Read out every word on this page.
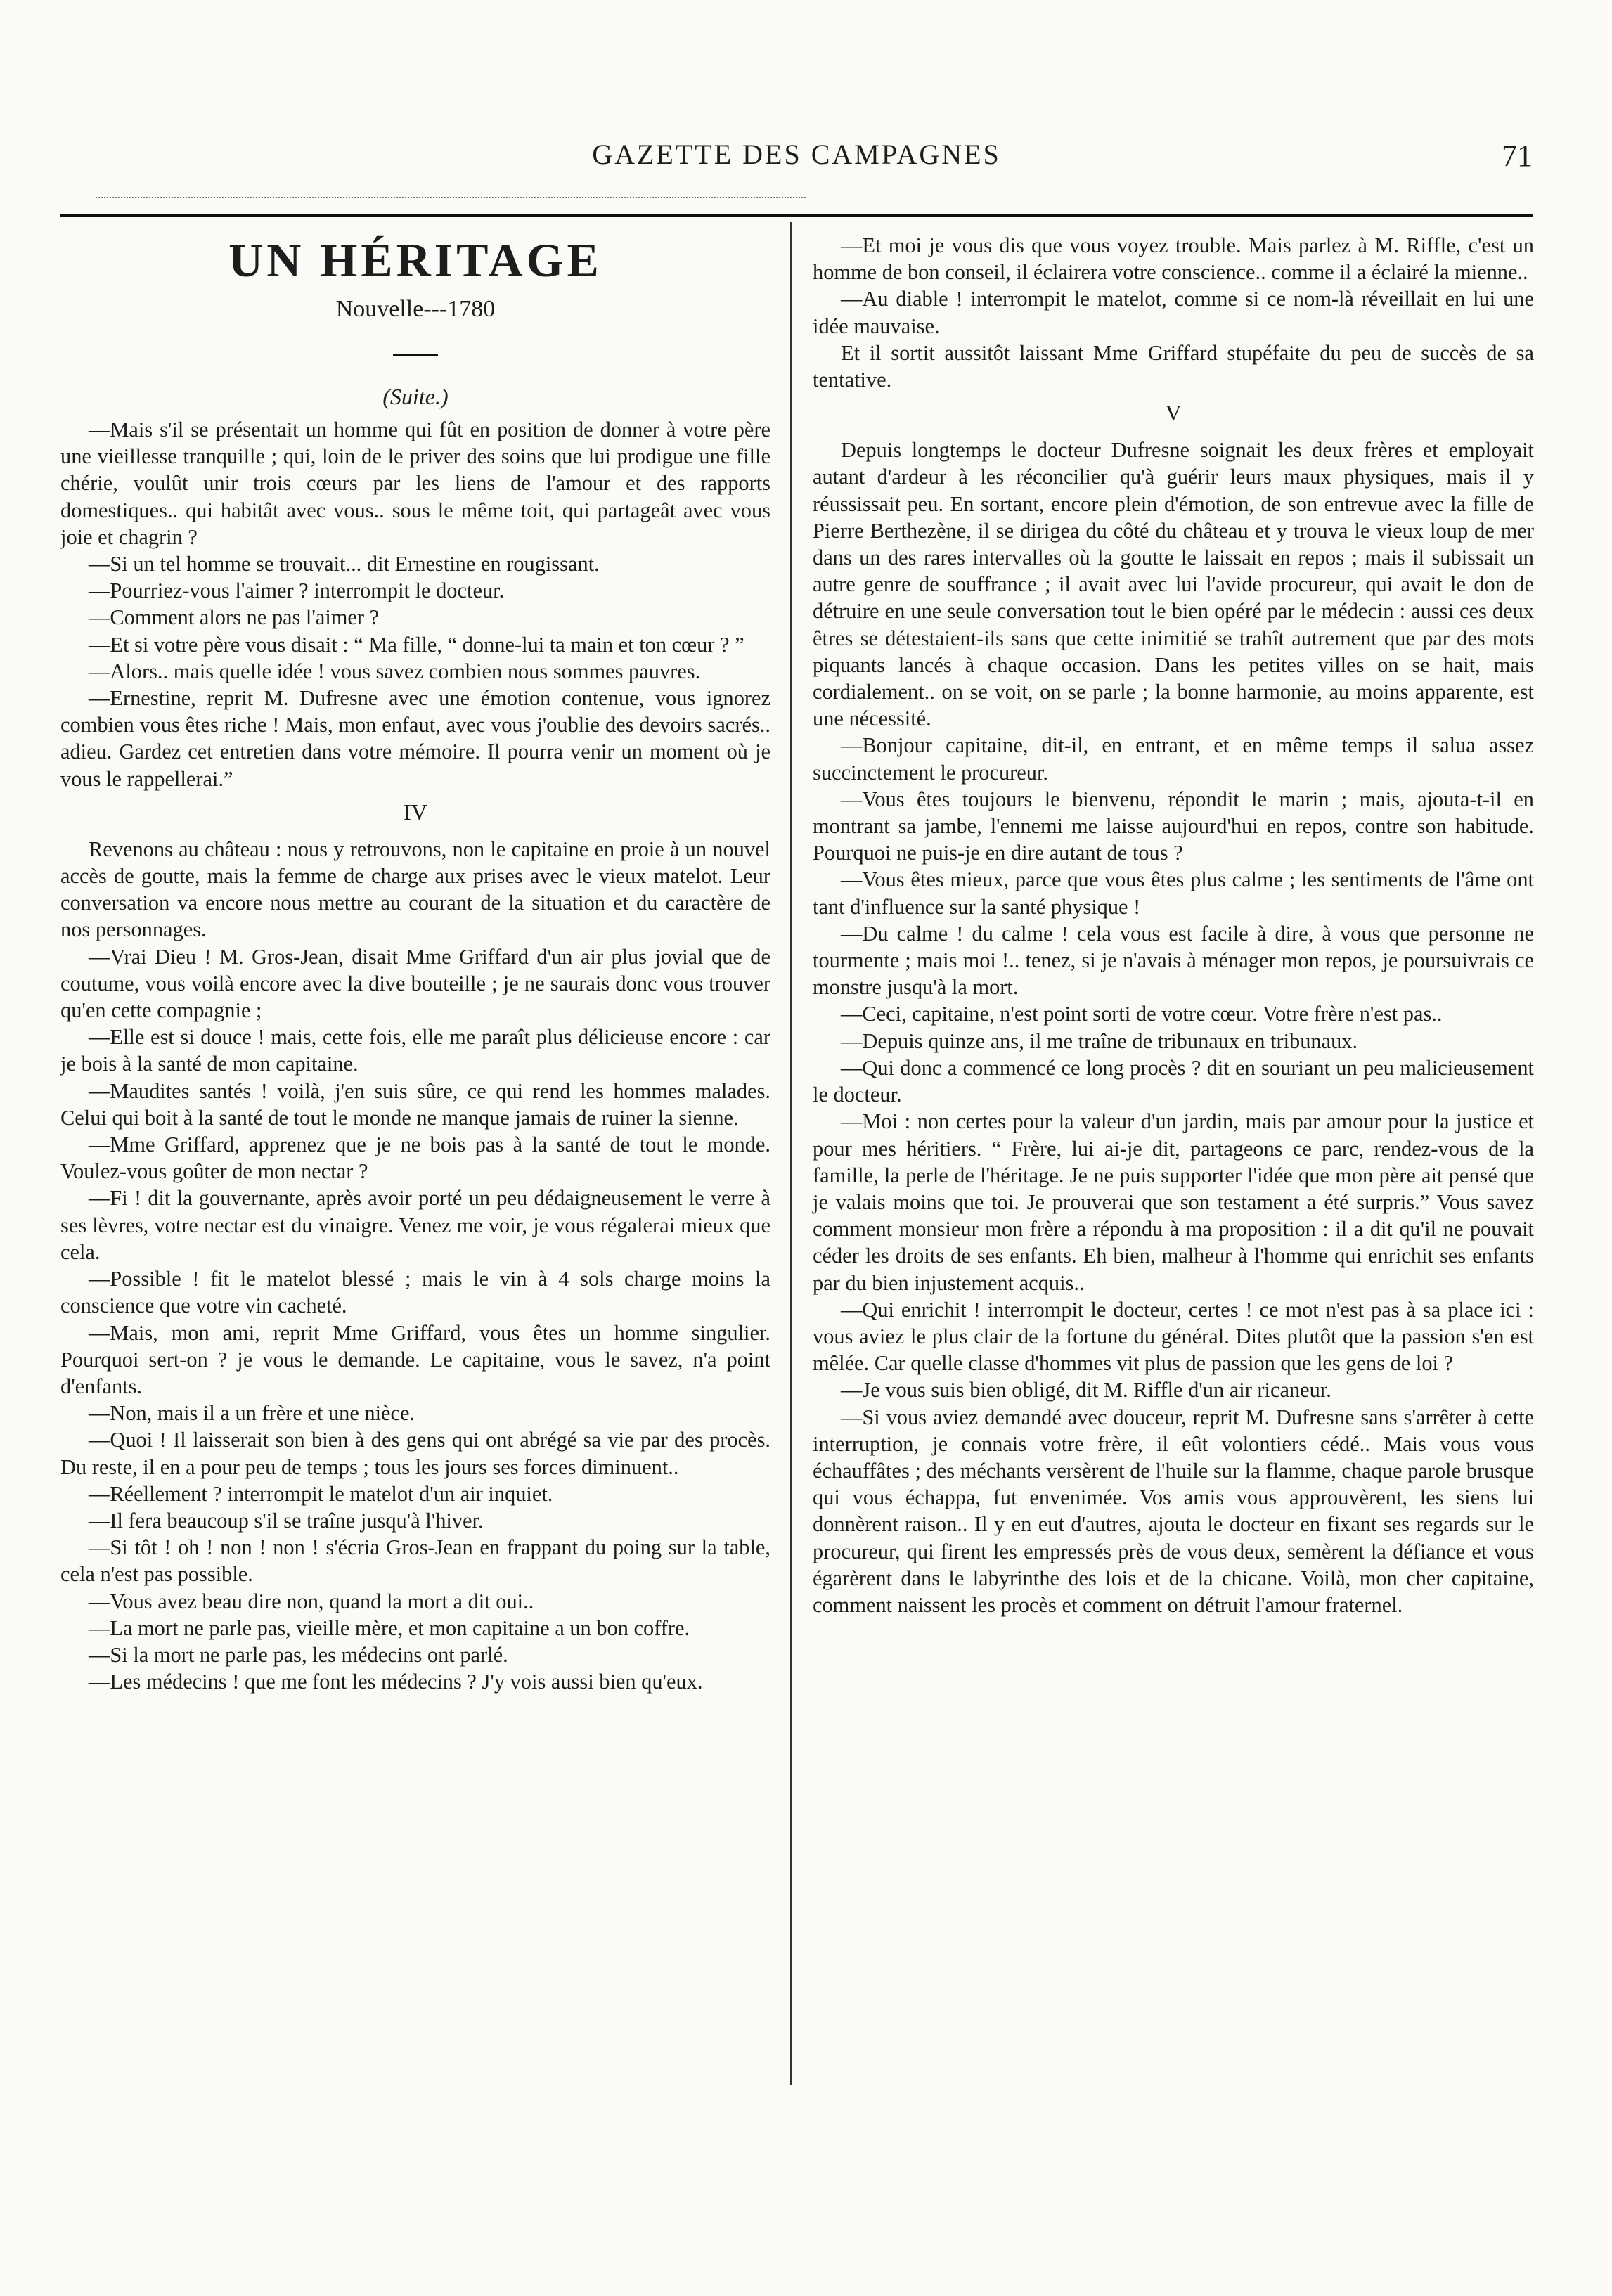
GAZETTE DES CAMPAGNES	71
UN HÉRITAGE
Nouvelle---1780
(Suite.)

—Mais s'il se présentait un homme qui fût en position de donner à votre père une vieillesse tranquille ; qui, loin de le priver des soins que lui prodigue une fille chérie, voulût unir trois cœurs par les liens de l'amour et des rapports domestiques.. qui habitât avec vous.. sous le même toit, qui partageât avec vous joie et chagrin ?

—Si un tel homme se trouvait... dit Ernestine en rougissant.

—Pourriez-vous l'aimer ? interrompit le docteur.

—Comment alors ne pas l'aimer ?

—Et si votre père vous disait : “ Ma fille, “ donne-lui ta main et ton cœur ? ”

—Alors.. mais quelle idée ! vous savez combien nous sommes pauvres.

—Ernestine, reprit M. Dufresne avec une émotion contenue, vous ignorez combien vous êtes riche ! Mais, mon enfaut, avec vous j'oublie des devoirs sacrés.. adieu. Gardez cet entretien dans votre mémoire. Il pourra venir un moment où je vous le rappellerai.”

IV

Revenons au château : nous y retrouvons, non le capitaine en proie à un nouvel accès de goutte, mais la femme de charge aux prises avec le vieux matelot. Leur conversation va encore nous mettre au courant de la situation et du caractère de nos personnages.

—Vrai Dieu ! M. Gros-Jean, disait Mme Griffard d'un air plus jovial que de coutume, vous voilà encore avec la dive bouteille ; je ne saurais donc vous trouver qu'en cette compagnie ;

—Elle est si douce ! mais, cette fois, elle me paraît plus délicieuse encore : car je bois à la santé de mon capitaine.

—Maudites santés ! voilà, j'en suis sûre, ce qui rend les hommes malades. Celui qui boit à la santé de tout le monde ne manque jamais de ruiner la sienne.

—Mme Griffard, apprenez que je ne bois pas à la santé de tout le monde. Voulez-vous goûter de mon nectar ?

—Fi ! dit la gouvernante, après avoir porté un peu dédaigneusement le verre à ses lèvres, votre nectar est du vinaigre. Venez me voir, je vous régalerai mieux que cela.

—Possible ! fit le matelot blessé ; mais le vin à 4 sols charge moins la conscience que votre vin cacheté.

—Mais, mon ami, reprit Mme Griffard, vous êtes un homme singulier. Pourquoi sert-on ? je vous le demande. Le capitaine, vous le savez, n'a point d'enfants.

—Non, mais il a un frère et une nièce.

—Quoi ! Il laisserait son bien à des gens qui ont abrégé sa vie par des procès. Du reste, il en a pour peu de temps ; tous les jours ses forces diminuent..

—Réellement ? interrompit le matelot d'un air inquiet.

—Il fera beaucoup s'il se traîne jusqu'à l'hiver.

—Si tôt ! oh ! non ! non ! s'écria Gros-Jean en frappant du poing sur la table, cela n'est pas possible.

—Vous avez beau dire non, quand la mort a dit oui..

—La mort ne parle pas, vieille mère, et mon capitaine a un bon coffre.

—Si la mort ne parle pas, les médecins ont parlé.

—Les médecins ! que me font les médecins ? J'y vois aussi bien qu'eux.

—Et moi je vous dis que vous voyez trouble. Mais parlez à M. Riffle, c'est un homme de bon conseil, il éclairera votre conscience.. comme il a éclairé la mienne..

—Au diable ! interrompit le matelot, comme si ce nom-là réveillait en lui une idée mauvaise.

Et il sortit aussitôt laissant Mme Griffard stupéfaite du peu de succès de sa tentative.

V

Depuis longtemps le docteur Dufresne soignait les deux frères et employait autant d'ardeur à les réconcilier qu'à guérir leurs maux physiques, mais il y réussissait peu. En sortant, encore plein d'émotion, de son entrevue avec la fille de Pierre Berthezène, il se dirigea du côté du château et y trouva le vieux loup de mer dans un des rares intervalles où la goutte le laissait en repos ; mais il subissait un autre genre de souffrance ; il avait avec lui l'avide procureur, qui avait le don de détruire en une seule conversation tout le bien opéré par le médecin : aussi ces deux êtres se détestaient-ils sans que cette inimitié se trahît autrement que par des mots piquants lancés à chaque occasion. Dans les petites villes on se hait, mais cordialement.. on se voit, on se parle ; la bonne harmonie, au moins apparente, est une nécessité.

—Bonjour capitaine, dit-il, en entrant, et en même temps il salua assez succinctement le procureur.

—Vous êtes toujours le bienvenu, répondit le marin ; mais, ajouta-t-il en montrant sa jambe, l'ennemi me laisse aujourd'hui en repos, contre son habitude. Pourquoi ne puis-je en dire autant de tous ?

—Vous êtes mieux, parce que vous êtes plus calme ; les sentiments de l'âme ont tant d'influence sur la santé physique !

—Du calme ! du calme ! cela vous est facile à dire, à vous que personne ne tourmente ; mais moi !.. tenez, si je n'avais à ménager mon repos, je poursuivrais ce monstre jusqu'à la mort.

—Ceci, capitaine, n'est point sorti de votre cœur. Votre frère n'est pas..

—Depuis quinze ans, il me traîne de tribunaux en tribunaux.

—Qui donc a commencé ce long procès ? dit en souriant un peu malicieusement le docteur.

—Moi : non certes pour la valeur d'un jardin, mais par amour pour la justice et pour mes héritiers. “ Frère, lui ai-je dit, partageons ce parc, rendez-vous de la famille, la perle de l'héritage. Je ne puis supporter l'idée que mon père ait pensé que je valais moins que toi. Je prouverai que son testament a été surpris.” Vous savez comment monsieur mon frère a répondu à ma proposition : il a dit qu'il ne pouvait céder les droits de ses enfants. Eh bien, malheur à l'homme qui enrichit ses enfants par du bien injustement acquis..

—Qui enrichit ! interrompit le docteur, certes ! ce mot n'est pas à sa place ici : vous aviez le plus clair de la fortune du général. Dites plutôt que la passion s'en est mêlée. Car quelle classe d'hommes vit plus de passion que les gens de loi ?

—Je vous suis bien obligé, dit M. Riffle d'un air ricaneur.

—Si vous aviez demandé avec douceur, reprit M. Dufresne sans s'arrêter à cette interruption, je connais votre frère, il eût volontiers cédé.. Mais vous vous échauffâtes ; des méchants versèrent de l'huile sur la flamme, chaque parole brusque qui vous échappa, fut envenimée. Vos amis vous approuvèrent, les siens lui donnèrent raison.. Il y en eut d'autres, ajouta le docteur en fixant ses regards sur le procureur, qui firent les empressés près de vous deux, semèrent la défiance et vous égarèrent dans le labyrinthe des lois et de la chicane. Voilà, mon cher capitaine, comment naissent les procès et comment on détruit l'amour fraternel.
